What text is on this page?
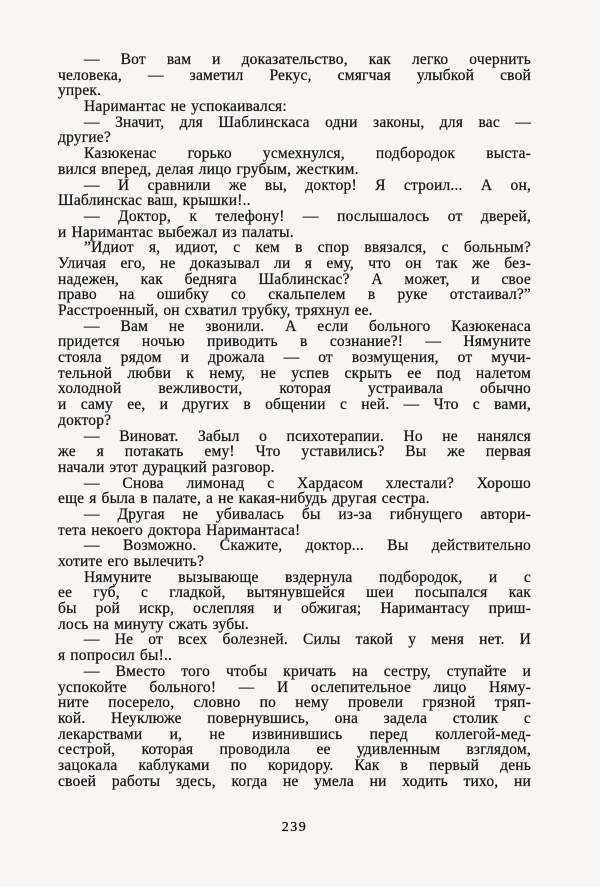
— Вот вам и доказательство, как легко очернить
человека, — заметил Рекус, смягчая улыбкой свой
упрек.
Наримантас не успокаивался:
— Значит, для Шаблинскаса одни законы, для вас —
другие?
Казюкенас горько усмехнулся, подбородок выста-
вился вперед, делая лицо грубым, жестким.
— И сравнили же вы, доктор! Я строил... А он,
Шаблинскас ваш, крышки!..
— Доктор, к телефону! — послышалось от дверей,
и Наримантас выбежал из палаты.
”Идиот я, идиот, с кем в спор ввязался, с больным?
Уличая его, не доказывал ли я ему, что он так же без-
надежен, как бедняга Шаблинскас? А может, и свое
право на ошибку со скальпелем в руке отстаивал?”
Расстроенный, он схватил трубку, тряхнул ее.
— Вам не звонили. А если больного Казюкенаса
придется ночью приводить в сознание?! — Нямуните
стояла рядом и дрожала — от возмущения, от мучи-
тельной любви к нему, не успев скрыть ее под налетом
холодной вежливости, которая устраивала обычно
и саму ее, и других в общении с ней. — Что с вами,
доктор?
— Виноват. Забыл о психотерапии. Но не нанялся
же я потакать ему! Что уставились? Вы же первая
начали этот дурацкий разговор.
— Снова лимонад с Хардасом хлестали? Хорошо
еще я была в палате, а не какая-нибудь другая сестра.
— Другая не убивалась бы из-за гибнущего автори-
тета некоего доктора Наримантаса!
— Возможно. Скажите, доктор... Вы действительно
хотите его вылечить?
Нямуните вызывающе вздернула подбородок, и с
ее губ, с гладкой, вытянувшейся шеи посыпался как
бы рой искр, ослепляя и обжигая; Наримантасу приш-
лось на минуту сжать зубы.
— Не от всех болезней. Силы такой у меня нет. И
я попросил бы!..
— Вместо того чтобы кричать на сестру, ступайте и
успокойте больного! — И ослепительное лицо Няму-
ните посерело, словно по нему провели грязной тряп-
кой. Неуклюже повернувшись, она задела столик с
лекарствами и, не извинившись перед коллегой-мед-
сестрой, которая проводила ее удивленным взглядом,
зацокала каблуками по коридору. Как в первый день
своей работы здесь, когда не умела ни ходить тихо, ни
239
